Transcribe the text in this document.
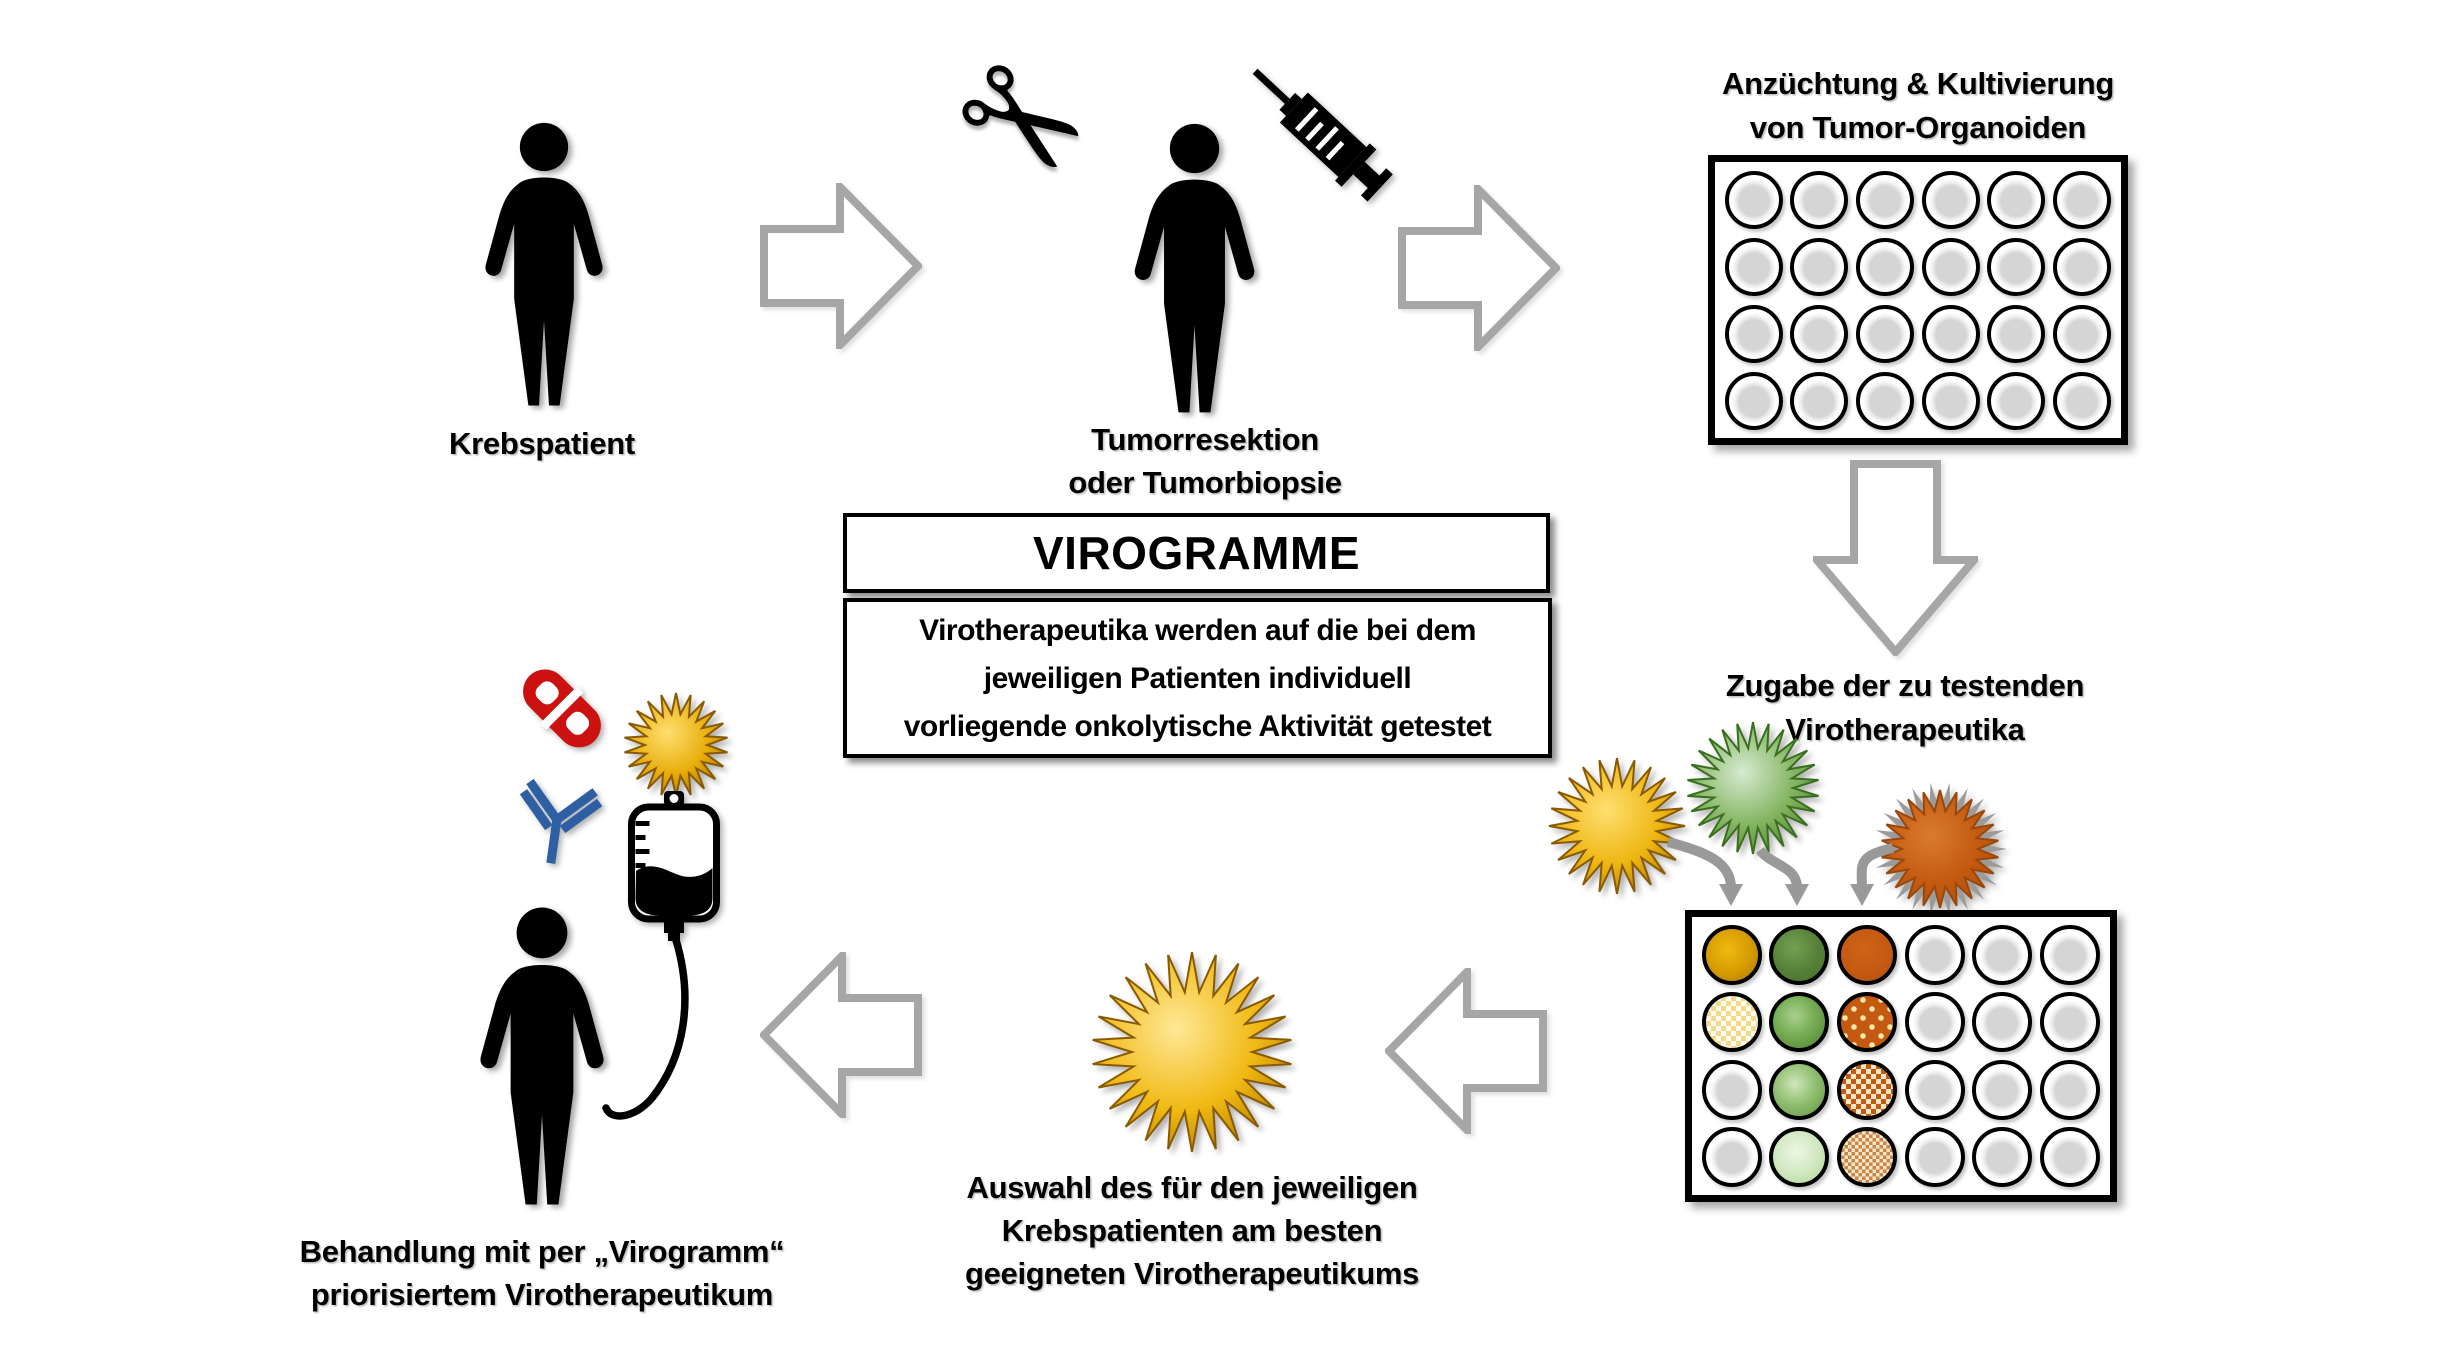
Krebspatient
✂
Tumorresektion
oder Tumorbiopsie
Anzüchtung & Kultivierung
von Tumor-Organoiden
Zugabe der zu testenden
Virotherapeutika
Auswahl des für den jeweiligen
Krebspatienten am besten
geeigneten Virotherapeutikums
Behandlung mit per „Virogramm“
priorisiertem Virotherapeutikum
VIROGRAMME
Virotherapeutika werden auf die bei dem
jeweiligen Patienten individuell
vorliegende onkolytische Aktivität getestet
